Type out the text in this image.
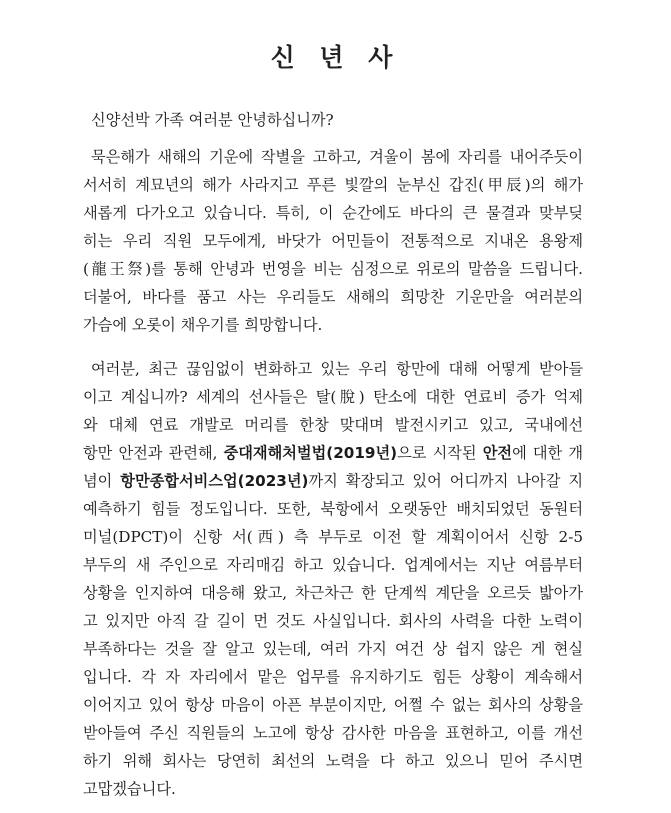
신 년 사
신양선박 가족 여러분 안녕하십니까?
묵은해가 새해의 기운에 작별을 고하고, 겨울이 봄에 자리를 내어주듯이
서서히 계묘년의 해가 사라지고 푸른 빛깔의 눈부신 갑진(甲辰)의 해가
새롭게 다가오고 있습니다. 특히, 이 순간에도 바다의 큰 물결과 맞부딪
히는 우리 직원 모두에게, 바닷가 어민들이 전통적으로 지내온 용왕제
(龍王祭)를 통해 안녕과 번영을 비는 심정으로 위로의 말씀을 드립니다.
더불어, 바다를 품고 사는 우리들도 새해의 희망찬 기운만을 여러분의
가슴에 오롯이 채우기를 희망합니다.
여러분, 최근 끊임없이 변화하고 있는 우리 항만에 대해 어떻게 받아들
이고 계십니까? 세계의 선사들은 탈(脫) 탄소에 대한 연료비 증가 억제
와 대체 연료 개발로 머리를 한창 맞대며 발전시키고 있고, 국내에선
항만 안전과 관련해, 중대재해처벌법(2019년)으로 시작된 안전에 대한 개
념이 항만종합서비스업(2023년)까지 확장되고 있어 어디까지 나아갈 지
예측하기 힘들 정도입니다. 또한, 북항에서 오랫동안 배치되었던 동원터
미널(DPCT)이 신항 서(西) 측 부두로 이전 할 계획이어서 신항 2-5
부두의 새 주인으로 자리매김 하고 있습니다. 업계에서는 지난 여름부터
상황을 인지하여 대응해 왔고, 차근차근 한 단계씩 계단을 오르듯 밟아가
고 있지만 아직 갈 길이 먼 것도 사실입니다. 회사의 사력을 다한 노력이
부족하다는 것을 잘 알고 있는데, 여러 가지 여건 상 쉽지 않은 게 현실
입니다. 각 자 자리에서 맡은 업무를 유지하기도 힘든 상황이 계속해서
이어지고 있어 항상 마음이 아픈 부분이지만, 어쩔 수 없는 회사의 상황을
받아들여 주신 직원들의 노고에 항상 감사한 마음을 표현하고, 이를 개선
하기 위해 회사는 당연히 최선의 노력을 다 하고 있으니 믿어 주시면
고맙겠습니다.
